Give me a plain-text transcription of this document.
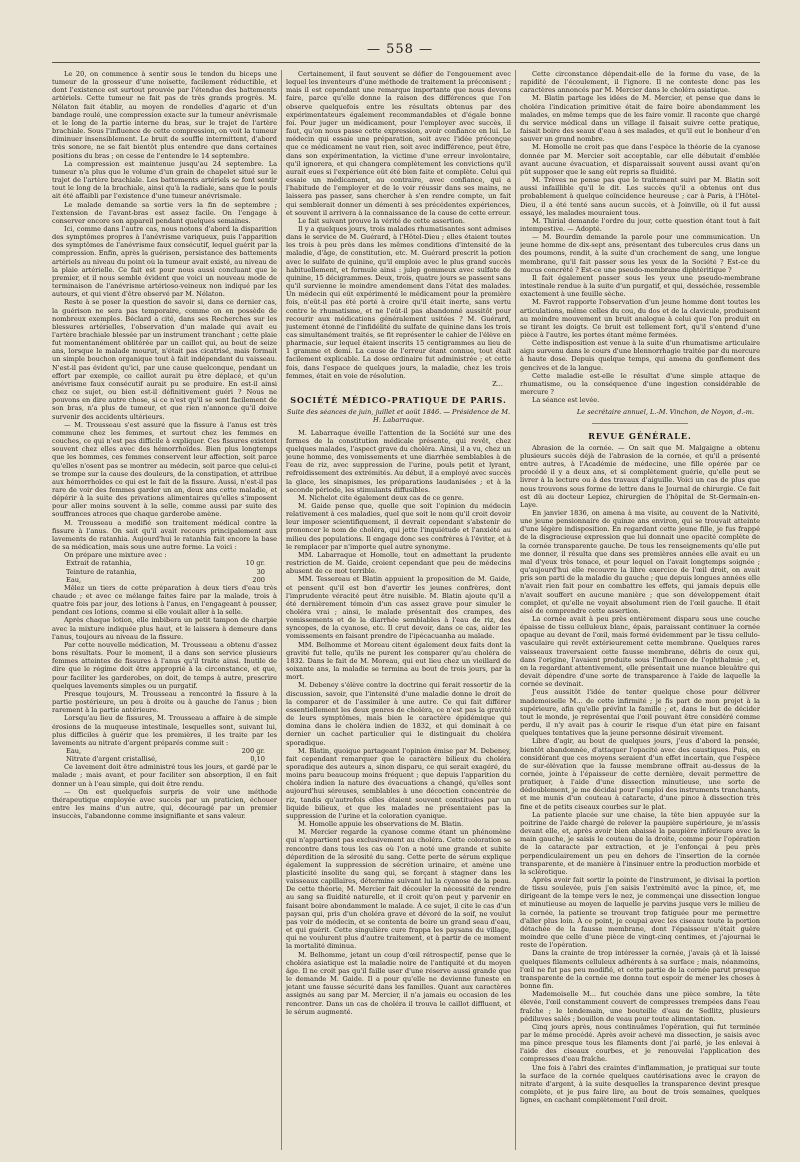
— 558 —

Le 20, on commence à sentir sous le tendon du biceps une tumeur de la grosseur d'une noisette, facilement réductible, et dont l'existence est surtout prouvée par l'étendue des battements artériels. Cette tumeur ne fait pas de très grands progrès. M. Nélaton fait établir, au moyen de rondelles d'agaric et d'un bandage roulé, une compression exacte sur la tumeur anévrismale et le long de la partie interne du bras, sur le trajet de l'artère brachiale. Sous l'influence de cette compression, on voit la tumeur diminuer insensiblement. Le bruit de souffle intermittent, d'abord très sonore, ne se fait bientôt plus entendre que dans certaines positions du bras ; on cesse de l'entendre le 14 septembre.

La compression est maintenue jusqu'au 24 septembre. La tumeur n'a plus que le volume d'un grain de chapelet situé sur le trajet de l'artère brachiale. Les battements artériels se font sentir tout le long de la brachiale, ainsi qu'à la radiale, sans que le pouls ait été affaibli par l'existence d'une tumeur anévrismale.

Le malade demande sa sortie vers la fin de septembre ; l'extension de l'avant-bras est assez facile. On l'engage à conserver encore son appareil pendant quelques semaines.

Ici, comme dans l'autre cas, nous notons d'abord la disparition des symptômes propres à l'anévrisme variqueux, puis l'apparition des symptômes de l'anévrisme faux consécutif, lequel guérit par la compression. Enfin, après la guérison, persistance des battements artériels au niveau du point où la tumeur avait existé, au niveau de la plaie artérielle. Ce fait est pour nous aussi concluant que le premier, et il nous semble évident que voici un nouveau mode de terminaison de l'anévrisme artérioso-veineux non indiqué par les auteurs, et qui vient d'être observé par M. Nélaton.

Reste à se poser la question de savoir si, dans ce dernier cas, la guérison ne sera pas temporaire, comme on en possède de nombreux exemples. Béclard a cité, dans ses Recherches sur les blessures artérielles, l'observation d'un malade qui avait eu l'artère brachiale blessée par un instrument tranchant ; cette plaie fut momentanément oblitérée par un caillot qui, au bout de seize ans, lorsque le malade mourut, n'était pas cicatrisé, mais formait un simple bouchon organique tout à fait indépendant du vaisseau. N'est-il pas évident qu'ici, par une cause quelconque, pendant un effort par exemple, ce caillot aurait pu être déplacé, et qu'un anévrisme faux consécutif aurait pu se produire. En est-il ainsi chez ce sujet, ou bien est-il définitivement guéri ? Nous ne pouvons en dire autre chose, si ce n'est qu'il se sent facilement de son bras, n'a plus de tumeur, et que rien n'annonce qu'il doive survenir des accidents ultérieurs.

— M. Trousseau s'est assuré que la fissure à l'anus est très commune chez les femmes, et surtout chez les femmes en couches, ce qui n'est pas difficile à expliquer. Ces fissures existent souvent chez elles avec des hémorrhoïdes. Bien plus longtemps que les hommes, ces femmes conservent leur affection, soit parce qu'elles n'osent pas se montrer au médecin, soit parce que celui-ci se trompe sur la cause des douleurs, de la constipation, et attribue aux hémorrhoïdes ce qui est le fait de la fissure. Aussi, n'est-il pas rare de voir des femmes garder un an, deux ans cette maladie, et dépérir à la suite des privations alimentaires qu'elles s'imposent pour aller moins souvent à la selle, comme aussi par suite des souffrances atroces que chaque garderobe amène.

M. Trousseau a modifié son traitement médical contre la fissure à l'anus. On sait qu'il avait recours principalement aux lavements de ratanhia. Aujourd'hui le ratanhia fait encore la base de sa médication, mais sous une autre forme. La voici :

On prépare une mixture avec :

Extrait de ratanhia,	10 gr.
Teinture de ratanhia,	30
Eau,	200

Mêlez un tiers de cette préparation à deux tiers d'eau très chaude ; et avec ce mélange faites faire par la malade, trois à quatre fois par jour, des lotions à l'anus, en l'engageant à pousser, pendant ces lotions, comme si elle voulait aller à la selle.

Après chaque lotion, elle imbibera un petit tampon de charpie avec la mixture indiquée plus haut, et le laissera à demeure dans l'anus, toujours au niveau de la fissure.

Par cette nouvelle médication, M. Trousseau a obtenu d'assez bons résultats. Pour le moment, il a dans son service plusieurs femmes atteintes de fissures à l'anus qu'il traite ainsi. Inutile de dire que le régime doit être approprié à la circonstance, et que, pour faciliter les garderobes, on doit, de temps à autre, prescrire quelques lavements simples ou un purgatif.

Presque toujours, M. Trousseau a rencontré la fissure à la partie postérieure, un peu à droite ou à gauche de l'anus ; bien rarement à la partie antérieure.

Lorsqu'au lieu de fissures, M. Trousseau a affaire à de simple érosions de la muqueuse intestinale, lesquelles sont, suivant lui, plus difficiles à guérir que les premières, il les traite par les lavements au nitrate d'argent préparés comme suit :

Eau,	200 gr.
Nitrate d'argent cristallisé,	0,10

Ce lavement doit être administré tous les jours, et gardé par le malade ; mais avant, et pour faciliter son absorption, il en fait donner un à l'eau simple, qui doit être rendu.

— On est quelquefois surpris de voir une méthode thérapeutique employée avec succès par un praticien, échouer entre les mains d'un autre, qui, découragé par un premier insuccès, l'abandonne comme insignifiante et sans valeur.

Certainement, il faut souvent se défier de l'engouement avec lequel les inventeurs d'une méthode de traitement la préconisent ; mais il est cependant une remarque importante que nous devons faire, parce qu'elle donne la raison des différences que l'on observe quelquefois entre les résultats obtenus par des expérimentateurs également recommandables et d'égale bonne foi. Pour juger un médicament, pour l'employer avec succès, il faut, qu'on nous passe cette expression, avoir confiance en lui. Le médecin qui essaie une préparation, soit avec l'idée préconçue que ce médicament ne vaut rien, soit avec indifférence, peut être, dans son expérimentation, la victime d'une erreur involontaire, qu'il ignorera, et qui changera complètement les convictions qu'il aurait eues si l'expérience eût été bien faite et complète. Celui qui essaie un médicament, au contraire, avec confiance, qui a l'habitude de l'employer et de le voir réussir dans ses mains, ne laissera pas passer, sans chercher à s'en rendre compte, un fait qui semblerait donner un démenti à ses précédentes expériences, et souvent il arrivera à la connaissance de la cause de cette erreur.

Le fait suivant prouve la vérité de cette assertion.

Il y a quelques jours, trois malades rhumatisantes sont admises dans le service de M. Guérard, à l'Hôtel-Dieu ; elles étaient toutes les trois à peu près dans les mêmes conditions d'intensité de la maladie, d'âge, de constitution, etc. M. Guérard prescrit la potion avec le sulfate de quinine, qu'il emploie avec le plus grand succès habituellement, et formule ainsi : julep gommeux avec sulfate de quinine, 15 décigrammes. Deux, trois, quatre jours se passent sans qu'il survienne le moindre amendement dans l'état des malades. Un médecin qui eût expérimenté le médicament pour la première fois, n'eût-il pas été porté à croire qu'il était inerte, sans vertu contre le rhumatisme, et ne l'eût-il pas abandonné aussitôt pour recourir aux médications généralement usitées ? M. Guérard, justement étonné de l'infidélité du sulfate de quinine dans les trois cas simultanément traités, se fit représenter le cahier de l'élève en pharmacie, sur lequel étaient inscrits 15 centigrammes au lieu de 1 gramme et demi. La cause de l'erreur étant connue, tout était facilement explicable. La dose ordinaire fut administrée ; et cette fois, dans l'espace de quelques jours, la maladie, chez les trois femmes, était en voie de résolution.

Z...
SOCIÉTÉ MÉDICO-PRATIQUE DE PARIS.
Suite des séances de juin, juillet et août 1846. — Présidence de M. H. Labarraque.

M. Labarraque éveille l'attention de la Société sur une des formes de la constitution médicale présente, qui revêt, chez quelques malades, l'aspect grave du choléra. Ainsi, il a vu, chez un jeune homme, des vomissements et une diarrhée semblables à de l'eau de riz, avec suppression de l'urine, pouls petit et lyrant, refroidissement des extrémités. Au début, il a employé avec succès la glace, les sinapismes, les préparations laudanisées ; et à la seconde période, les stimulants diffusibles.

M. Nichelot cite également deux cas de ce genre.

M. Gaide pense que, quelle que soit l'opinion du médecin relativement à ces maladies, quel que soit le nom qu'il croit devoir leur imposer scientifiquement, il devrait cependant s'abstenir de prononcer le nom de choléra, qui jette l'inquiétude et l'anxiété au milieu des populations. Il engage donc ses confrères à l'éviter, et à le remplacer par n'importe quel autre synonyme.

MM. Labarraque et Homolle, tout en admettant la prudente restriction de M. Gaide, croient cependant que peu de médecins abusent de ce mot terrible.

MM. Tessereau et Blatin appuient la proposition de M. Gaide, et pensent qu'il est bon d'avertir les jeunes confrères, dont l'imprudente véracité peut être nuisible. M. Blatin ajoute qu'il a été dernièrement témoin d'un cas assez grave pour simuler le choléra vrai ; ainsi, le malade présentait des crampes, des vomissements et de la diarrhée semblables à l'eau de riz, des syncopes, de la cyanose, etc. Il crut devoir, dans ce cas, aider les vomissements en faisant prendre de l'ipécacuanha au malade.

MM. Belhomme et Moreau citent également deux faits dont la gravité fut telle, qu'ils ne purent les comparer qu'au choléra de 1832. Dans le fait de M. Moreau, qui eut lieu chez un vieillard de soixante ans, la maladie se termina au bout de trois jours, par la mort.

M. Debeney s'élève contre la doctrine qui ferait ressortir de la discussion, savoir, que l'intensité d'une maladie donne le droit de la comparer et de l'assimiler à une autre. Ce qui fait différer essentiellement les deux genres de choléra, ce n'est pas la gravité de leurs symptômes, mais bien le caractère épidémique qui domina dans le choléra indien de 1832, et qui dominait à ce dernier un cachet particulier qui le distinguait du choléra sporadique.

M. Blatin, quoique partageant l'opinion émise par M. Debeney, fait cependant remarquer que le caractère bilieux du choléra sporadique des auteurs a, sinon disparu, ce qui serait exagéré, du moins paru beaucoup moins fréquent ; que depuis l'apparition du choléra indien la nature des évacuations a changé, qu'elles sont aujourd'hui séreuses, semblables à une décoction concentrée de riz, tandis qu'autrefois elles étaient souvent constituées par un liquide bilieux, et que les malades ne présentaient pas la suppression de l'urine et la coloration cyanique.

M. Homolle appuie les observations de M. Blatin.

M. Mercier regarde la cyanose comme étant un phénomène qui n'appartient pas exclusivement au choléra. Cette coloration se rencontre dans tous les cas où l'on a noté une grande et subite déperdition de la sérosité du sang. Cette perte de sérum explique également la suppression de sécrétion urinaire, et amène une plasticité insolite du sang qui, se forçant à stagner dans les vaisseaux capillaires, détermine suivant lui la cyanose de la peau. De cette théorie, M. Mercier fait découler la nécessité de rendre au sang sa fluidité naturelle, et il croit qu'on peut y parvenir en faisant boire abondamment le malade. À ce sujet, il cite le cas d'un paysan qui, pris d'un choléra grave et dévoré de la soif, ne voulut pas voir de médecin, et se contenta de boire un grand seau d'eau, et qui guérit. Cette singulière cure frappa les paysans du village, qui ne voulurent plus d'autre traitement, et à partir de ce moment la mortalité diminua.

M. Belhomme, jetant un coup d'œil rétrospectif, pense que le choléra asiatique est la maladie noire de l'antiquité et du moyen âge. Il ne croit pas qu'il faille user d'une réserve aussi grande que le demande M. Gaide. Il a pour qu'elle ne devienne funeste en jetant une fausse sécurité dans les familles. Quant aux caractères assignés au sang par M. Mercier, il n'a jamais eu occasion de les rencontrer. Dans un cas de choléra il trouva le caillot diffluent, et le sérum augmenté.

Cette circonstance dépendait-elle de la forme du vase, de la rapidité de l'écoulement, il l'ignore. Il ne conteste donc pas les caractères annoncés par M. Mercier dans le choléra asiatique.

M. Blatin partage les idées de M. Mercier, et pense que dans le choléra l'indication primitive était de faire boire abondamment les malades, en même temps que de les faire vomir. Il raconte que chargé du service médical dans un village il faisait suivre cette pratique, faisait boire des seaux d'eau à ses malades, et qu'il eut le bonheur d'en sauver un grand nombre.

M. Homolle ne croit pas que dans l'espèce la théorie de la cyanose donnée par M. Mercier soit acceptable, car elle débutait d'emblée avant aucune évacuation, et disparaissait souvent aussi avant qu'on pût supposer que le sang eût repris sa fluidité.

M. Trèves ne pense pas que le traitement suivi par M. Blatin soit aussi infaillible qu'il le dit. Les succès qu'il a obtenus ont dus probablement à quelque coïncidence heureuse ; car à Paris, à l'Hôtel-Dieu, il a été tenté sans aucun succès, et à Joinville, où il fut aussi essayé, les malades mouraient tous.

M. Thirial demande l'ordre du jour, cette question étant tout à fait intempestive. — Adopté.

— M. Bourdin demande la parole pour une communication. Un jeune homme de dix-sept ans, présentant des tubercules crus dans un des poumons, rendit, à la suite d'un crachement de sang, une longue membrane, qu'il fait passer sous les yeux de la Société ? Est-ce du mucus concrété ? Est-ce une pseudo-membrane diphtéritique ?

Il fait également passer sous les yeux une pseudo-membrane intestinale rendue à la suite d'un purgatif, et qui, desséchée, ressemble exactement à une feuille sèche.

M. Favrot rapporte l'observation d'un jeune homme dont toutes les articulations, même celles du cou, du dos et de la clavicule, produisent au moindre mouvement un bruit analogue à celui que l'on produit en se tirant les doigts. Ce bruit est tellement fort, qu'il s'entend d'une pièce à l'autre, les portes étant même fermées.

Cette indisposition est venue à la suite d'un rhumatisme articulaire aigu survenu dans le cours d'une blennorrhagie traitée par du mercure à haute dose. Depuis quelque temps, qui amena du gonflement des gencives et de la langue.

Cette maladie est-elle le résultat d'une simple attaque de rhumatisme, ou la conséquence d'une ingestion considérable de mercure ?

La séance est levée.

Le secrétaire annuel, L.-M. Vinchon, de Noyon, d.-m.
REVUE GÉNÉRALE.

Abrasion de la cornée. — On sait que M. Malgaigne a obtenu plusieurs succès déjà de l'abrasion de la cornée, et qu'il a présenté entre autres, à l'Académie de médecine, une fille opérée par ce procédé il y a deux ans, et si complètement guérie, qu'elle peut se livrer à la lecture ou à des travaux d'aiguille. Voici un cas de plus que nous trouvons sous forme de lettre dans le Journal de chirurgie. Ce fait est dû au docteur Lepiez, chirurgien de l'hôpital de St-Germain-en-Laye.

En janvier 1836, on amena à ma visite, au couvent de la Nativité, une jeune pensionnaire de quinze ans environ, qui se trouvait atteinte d'une légère indisposition. En regardant cette jeune fille, je fus frappé de la disgracieuse expression que lui donnait une opacité complète de la cornée transparente gauche. De tous les renseignements qu'elle put me donner, il résulta que dans ses premières années elle avait eu un mal d'yeux très tenace, et pour lequel on l'avait longtemps soignée ; qu'aujourd'hui elle recouvre la libre exercice de l'œil droit, on avait pris son parti de la maladie du gauche ; que depuis longues années elle n'avait rien fait pour en combattre les effets, qui jamais depuis elle n'avait souffert en aucune manière ; que son développement était complet, et qu'elle ne voyait absolument rien de l'œil gauche. Il était aisé de comprendre cette assertion.

La cornée avait à peu près entièrement disparu sous une couche épaisse de tissu celluleux blanc, épais, paraissant continuer la cornée opaque au devant de l'œil, mais formé évidemment par le tissu cellulo-vasculaire qui revêt extérieurement cette membrane. Quelques rares vaisseaux traversaient cette fausse membrane, débris de ceux qui, dans l'origine, l'avaient produite sous l'influence de l'ophthalmie ; et, en la regardant attentivement, elle présentait une nuance bleuâtre qui devait dépendre d'une sorte de transparence à l'aide de laquelle la cornée se devinait.

J'eus aussitôt l'idée de tenter quelque chose pour délivrer mademoiselle M... de cette infirmité ; je fis part de mon projet à la supérieure, afin qu'elle prévînt la famille ; et, dans le but de décider tout le monde, je représentai que l'œil pouvant être considéré comme perdu, il n'y avait pas à courir le risque d'un état pire en faisant quelques tentatives que la jeune personne désirait vivement.

Libre d'agir, au bout de quelques jours, j'eus d'abord la pensée, bientôt abandonnée, d'attaquer l'opacité avec des caustiques. Puis, en considérant que ces moyens seraient d'un effet incertain, que l'espèce de sur-élévation que la fausse membrane offrait au-dessus de la cornée, jointe à l'épaisseur de cette dernière, devait permettre de pratiquer, à l'aide d'une dissection minutieuse, une sorte de dédoublement, je me décidai pour l'emploi des instruments tranchants, et me munis d'un couteau à cataracte, d'une pince à dissection très fine et de petits ciseaux courbes sur le plat.

La patiente placée sur une chaise, la tête bien appuyée sur la poitrine de l'aide chargé de relever la paupière supérieure, je m'assis devant elle, et, après avoir bien abaissé la paupière inférieure avec la main gauche, je saisis le couteau de la droite, comme pour l'opération de la cataracte par extraction, et je l'enfonçai à peu près perpendiculairement un peu en dehors de l'insertion de la cornée transparente, et de manière à l'insinuer entre la production morbide et la sclérotique.

Après avoir fait sortir la pointe de l'instrument, je divisai la portion de tissu soulevée, puis j'en saisis l'extrémité avec la pince, et, me dirigeant de la tempe vers le nez, je commençai une dissection longue et minutieuse au moyen de laquelle je parvins jusque vers le milieu de la cornée, la patiente se trouvant trop fatiguée pour me permettre d'aller plus loin. À ce point, je coupai avec les ciseaux toute la portion détachée de la fausse membrane, dont l'épaisseur n'était guère moindre que celle d'une pièce de vingt-cinq centimes, et j'ajournai le reste de l'opération.

Dans la crainte de trop intéresser la cornée, j'avais çà et là laissé quelques filaments celluleux adhérents à sa surface ; mais, néanmoins, l'œil ne fut pas peu modifié, et cette partie de la cornée parut presque transparente de la cornée me donna tout espoir de mener les choses à bonne fin.

Mademoiselle M... fut couchée dans une pièce sombre, la tête élevée, l'œil constamment couvert de compresses trempées dans l'eau fraîche ; le lendemain, une bouteille d'eau de Sedlitz, plusieurs pédiluves salés ; bouillon de veau pour toute alimentation.

Cinq jours après, nous continuâmes l'opération, qui fut terminée par le même procédé. Après avoir achevé ma dissection, je saisis avec ma pince presque tous les filaments dont j'ai parlé, je les enlevai à l'aide des ciseaux courbes, et je renouvelai l'application des compresses d'eau fraîche.

Une fois à l'abri des craintes d'inflammation, je pratiquai sur toute la surface de la cornée quelques cautérisations avec le crayon de nitrate d'argent, à la suite desquelles la transparence devint presque complète, et je pus faire lire, au bout de trois semaines, quelques lignes, en cachant complètement l'œil droit.
